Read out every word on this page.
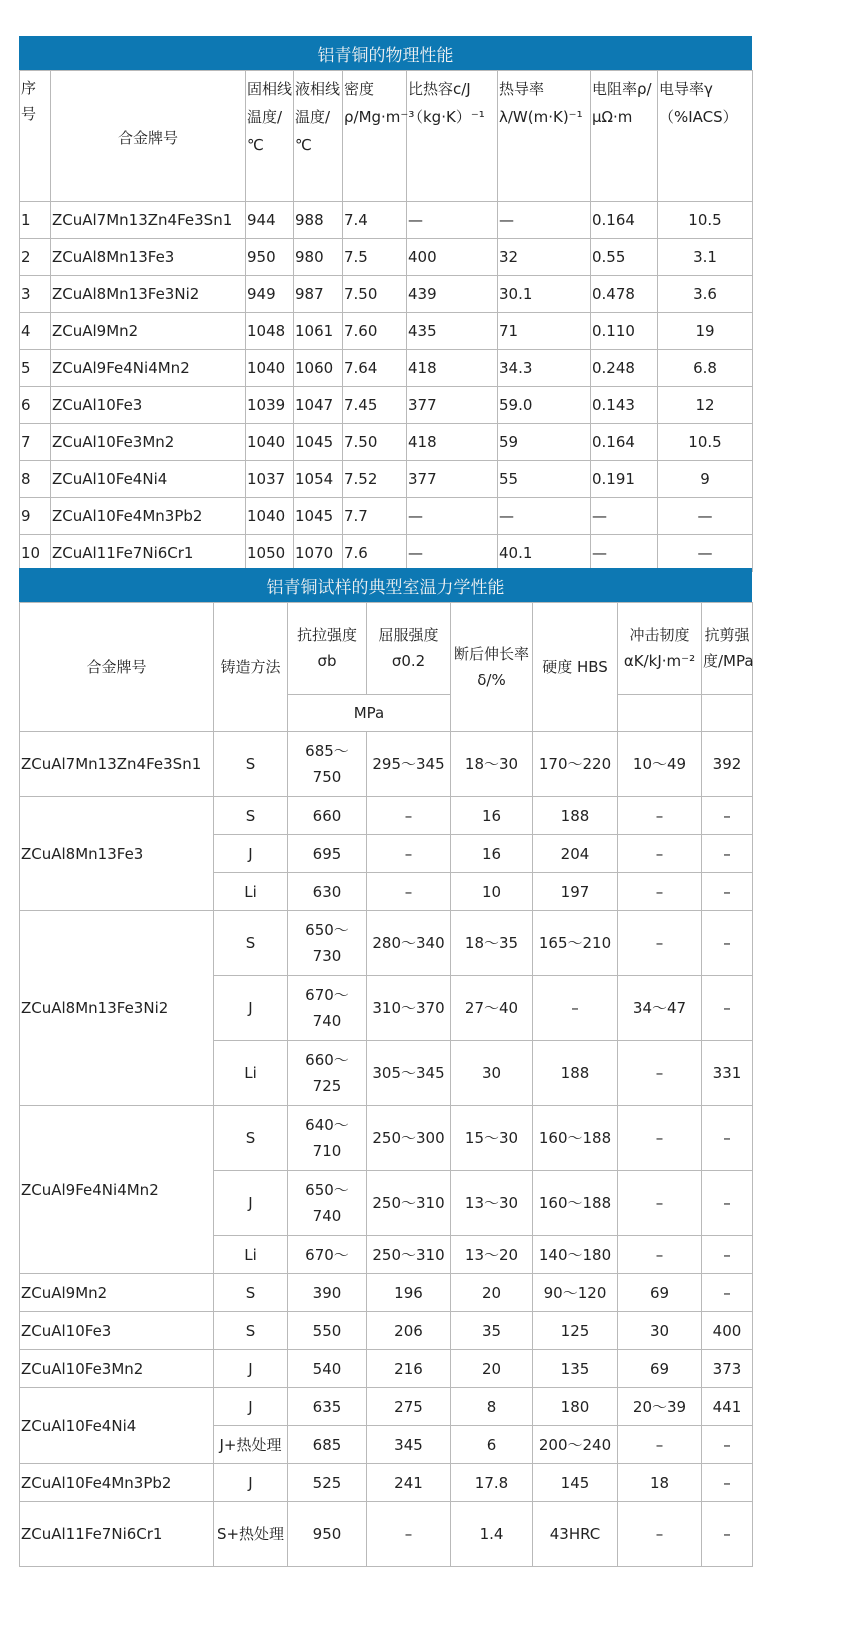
铝青铜的物理性能
序号	合金牌号	固相线温度/℃	液相线温度/℃	密度ρ/Mg·m⁻³	比热容c/J（kg·K）⁻¹	热导率λ/W(m·K)⁻¹	电阻率ρ/μΩ·m	电导率γ（%IACS）
1	ZCuAl7Mn13Zn4Fe3Sn1	944	988	7.4	—	—	0.164	10.5
2	ZCuAl8Mn13Fe3	950	980	7.5	400	32	0.55	3.1
3	ZCuAl8Mn13Fe3Ni2	949	987	7.50	439	30.1	0.478	3.6
4	ZCuAl9Mn2	1048	1061	7.60	435	71	0.110	19
5	ZCuAl9Fe4Ni4Mn2	1040	1060	7.64	418	34.3	0.248	6.8
6	ZCuAl10Fe3	1039	1047	7.45	377	59.0	0.143	12
7	ZCuAl10Fe3Mn2	1040	1045	7.50	418	59	0.164	10.5
8	ZCuAl10Fe4Ni4	1037	1054	7.52	377	55	0.191	9
9	ZCuAl10Fe4Mn3Pb2	1040	1045	7.7	—	—	—	—
10	ZCuAl11Fe7Ni6Cr1	1050	1070	7.6	—	40.1	—	—
铝青铜试样的典型室温力学性能
合金牌号	铸造方法	抗拉强度σb	屈服强度σ0.2	断后伸长率δ/%	硬度 HBS	冲击韧度αK/kJ·m⁻²	抗剪强度/MPa
		MPa					
ZCuAl7Mn13Zn4Fe3Sn1	S	685～750	295～345	18～30	170～220	10～49	392
ZCuAl8Mn13Fe3	S	660	–	16	188	–	–
	J	695	–	16	204	–	–
	Li	630	–	10	197	–	–
ZCuAl8Mn13Fe3Ni2	S	650～730	280～340	18～35	165～210	–	–
	J	670～740	310～370	27～40	–	34～47	–
	Li	660～725	305～345	30	188	–	331
ZCuAl9Fe4Ni4Mn2	S	640～710	250～300	15～30	160～188	–	–
	J	650～740	250～310	13～30	160～188	–	–
	Li	670～	250～310	13～20	140～180	–	–
ZCuAl9Mn2	S	390	196	20	90～120	69	–
ZCuAl10Fe3	S	550	206	35	125	30	400
ZCuAl10Fe3Mn2	J	540	216	20	135	69	373
ZCuAl10Fe4Ni4	J	635	275	8	180	20～39	441
	J+热处理	685	345	6	200～240	–	–
ZCuAl10Fe4Mn3Pb2	J	525	241	17.8	145	18	–
ZCuAl11Fe7Ni6Cr1	S+热处理	950	–	1.4	43HRC	–	–
